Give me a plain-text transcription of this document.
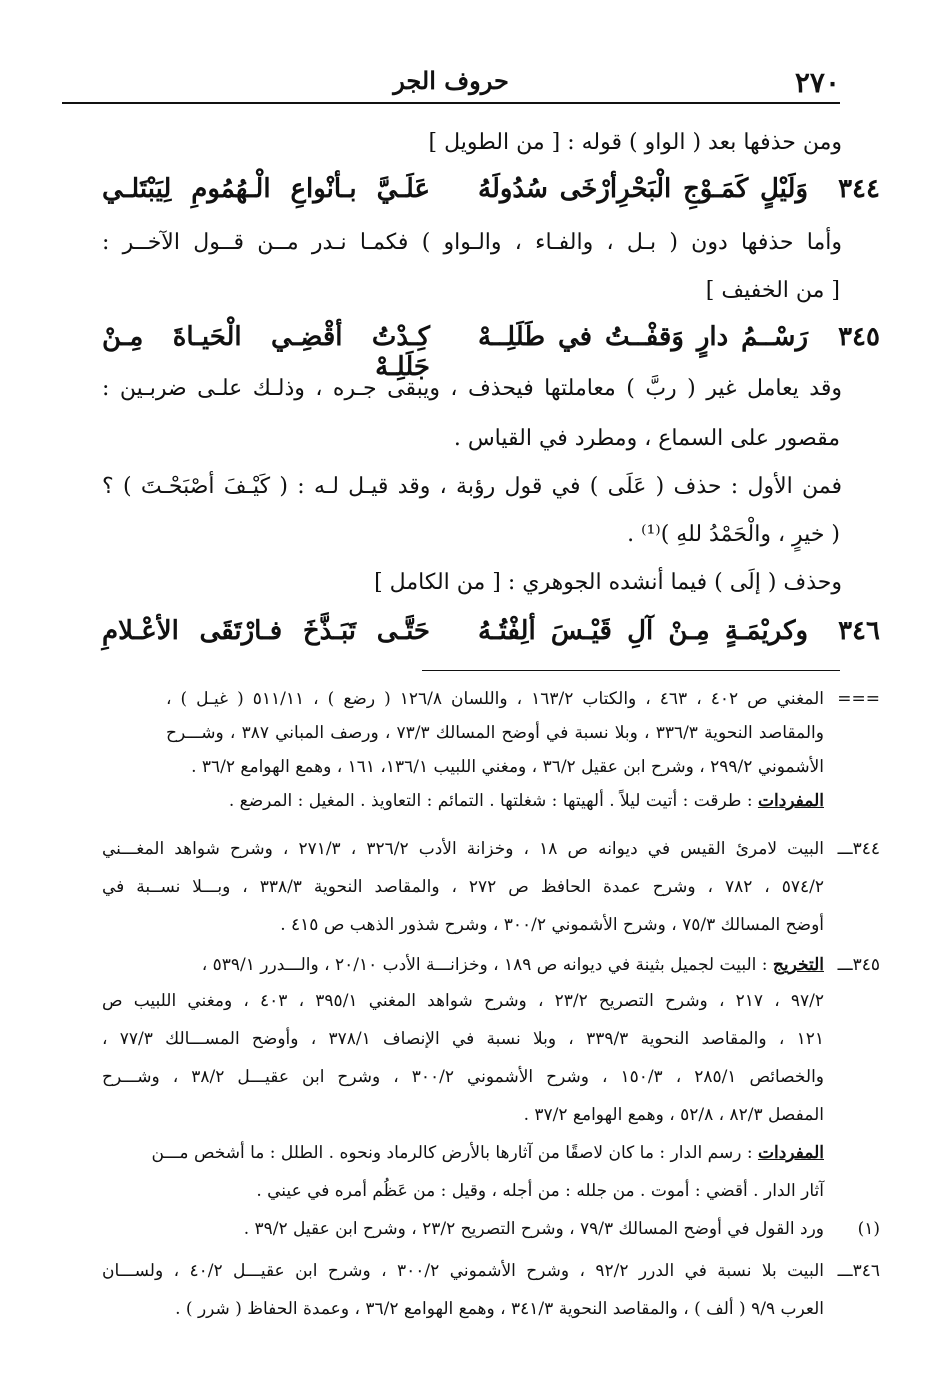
٢٧٠
حروف الجر
ومن حذفها بعد ( الواو ) قوله : [ من الطويل ]
٣٤٤
وَلَيْلٍ كَمَـوْجِ الْبَحْرِأرْخَى سُدُولَهُ
عَلَـيَّ بـأنْواعِ الْـهُمُومِ لِيَبْتَلـي
وأما حذفها دون ( بـل ، والفـاء ، والـواو ) فكمـا نـدر مــن قــول الآخــر :
[ من الخفيف ]
٣٤٥
رَسْــمُ دارٍ وَقفْــتُ في طَلَلِــهْ
كِـدْتُ أقْضِـي الْحَيـاةَ مِـنْ جَلَلِـهْ
وقد يعامل غير ( ربَّ ) معاملتها فيحذف ، ويبقى جـره ، وذلـك علـى ضربـين :
مقصور على السماع ، ومطرد في القياس .
فمن الأول : حذف ( عَلَى ) في قول رؤبة ، وقد قيـل لـه : ( كَيْـفَ أصْبَحْـتَ ) ؟
( خيرٍ ، والْحَمْدُ للهِ )⁽¹⁾ .
وحذف ( إلَى ) فيما أنشده الجوهري : [ من الكامل ]
٣٤٦
وكريْمَـةٍ مِـنْ آلِ قَيْـسَ ألِفْتُـهُ
حَتَّـى تَبَـذَّخَ فـارْتَقَى الأعْـلامِ
===
المغني ص ٤٠٢ ، ٤٦٣ ، والكتاب ١٦٣/٢ ، واللسان ١٢٦/٨ ( رضع ) ، ٥١١/١١ ( غيـل ) ،
والمقاصد النحوية ٣٣٦/٣ ، وبلا نسبة في أوضح المسالك ٧٣/٣ ، ورصف المباني ٣٨٧ ، وشـــرح
الأشموني ٢٩٩/٢ ، وشرح ابن عقيل ٣٦/٢ ، ومغني اللبيب ١٣٦/١، ١٦١ ، وهمع الهوامع ٣٦/٢ .
المفردات : طرقت : أتيت ليلاً . ألهيتها : شغلتها . التمائم : التعاويذ . المغيل : المرضع .
٣٤٤ـــ
البيت لامرئ القيس في ديوانه ص ١٨ ، وخزانة الأدب ٣٢٦/٢ ، ٢٧١/٣ ، وشرح شواهد المغـــني
٥٧٤/٢ ، ٧٨٢ ، وشرح عمدة الحافظ ص ٢٧٢ ، والمقاصد النحوية ٣٣٨/٣ ، وبـــلا نســبة في
أوضح المسالك ٧٥/٣ ، وشرح الأشموني ٣٠٠/٢ ، وشرح شذور الذهب ص ٤١٥ .
٣٤٥ـــ
التخريج : البيت لجميل بثينة في ديوانه ص ١٨٩ ، وخزانـــة الأدب ٢٠/١٠ ، والـــدرر ٥٣٩/١ ،
٩٧/٢ ، ٢١٧ ، وشرح التصريح ٢٣/٢ ، وشرح شواهد المغني ٣٩٥/١ ، ٤٠٣ ، ومغني اللبيب ص
١٢١ ، والمقاصد النحوية ٣٣٩/٣ ، وبلا نسبة في الإنصاف ٣٧٨/١ ، وأوضح المســـالك ٧٧/٣ ،
والخصائص ٢٨٥/١ ، ١٥٠/٣ ، وشرح الأشموني ٣٠٠/٢ ، وشرح ابن عقيـــل ٣٨/٢ ، وشـــرح
المفصل ٨٢/٣ ، ٥٢/٨ ، وهمع الهوامع ٣٧/٢ .
المفردات : رسم الدار : ما كان لاصقًا من آثارها بالأرض كالرماد ونحوه . الطلل : ما أشخص مـــن
آثار الدار . أقضي : أموت . من جلله : من أجله ، وقيل : من عَظُم أمره في عيني .
(١)
ورد القول في أوضح المسالك ٧٩/٣ ، وشرح التصريح ٢٣/٢ ، وشرح ابن عقيل ٣٩/٢ .
٣٤٦ـــ
البيت بلا نسبة في الدرر ٩٢/٢ ، وشرح الأشموني ٣٠٠/٢ ، وشرح ابن عقيـــل ٤٠/٢ ، ولســـان
العرب ٩/٩ ( ألف ) ، والمقاصد النحوية ٣٤١/٣ ، وهمع الهوامع ٣٦/٢ ، وعمدة الحفاظ ( شرر ) .
